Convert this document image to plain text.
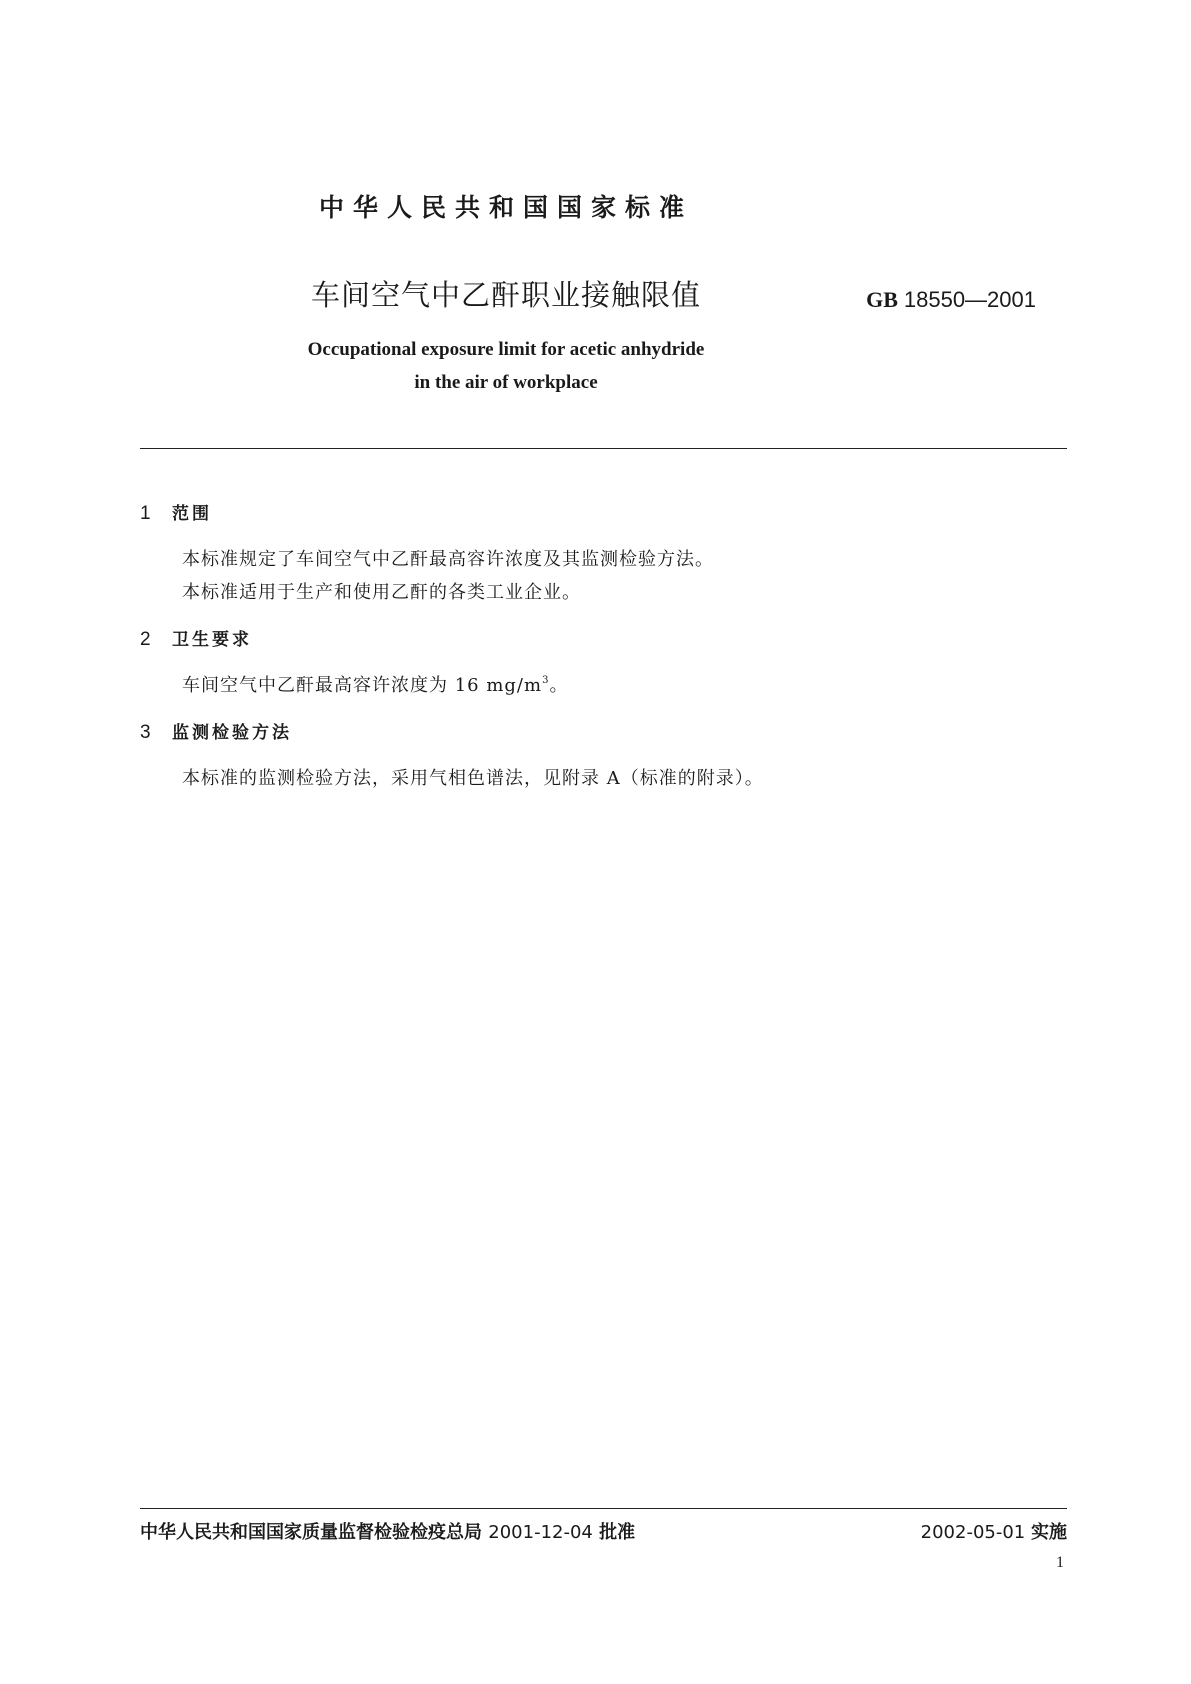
中华人民共和国国家标准
车间空气中乙酐职业接触限值	GB 18550—2001
Occupational exposure limit for acetic anhydride
in the air of workplace
1 范围
本标准规定了车间空气中乙酐最高容许浓度及其监测检验方法。
本标准适用于生产和使用乙酐的各类工业企业。
2 卫生要求
车间空气中乙酐最高容许浓度为 16 $mg/m^3$。
3 监测检验方法
本标准的监测检验方法，采用气相色谱法，见附录 A（标准的附录）。
中华人民共和国国家质量监督检验检疫总局 2001-12-04 批准	2002-05-01 实施
1
